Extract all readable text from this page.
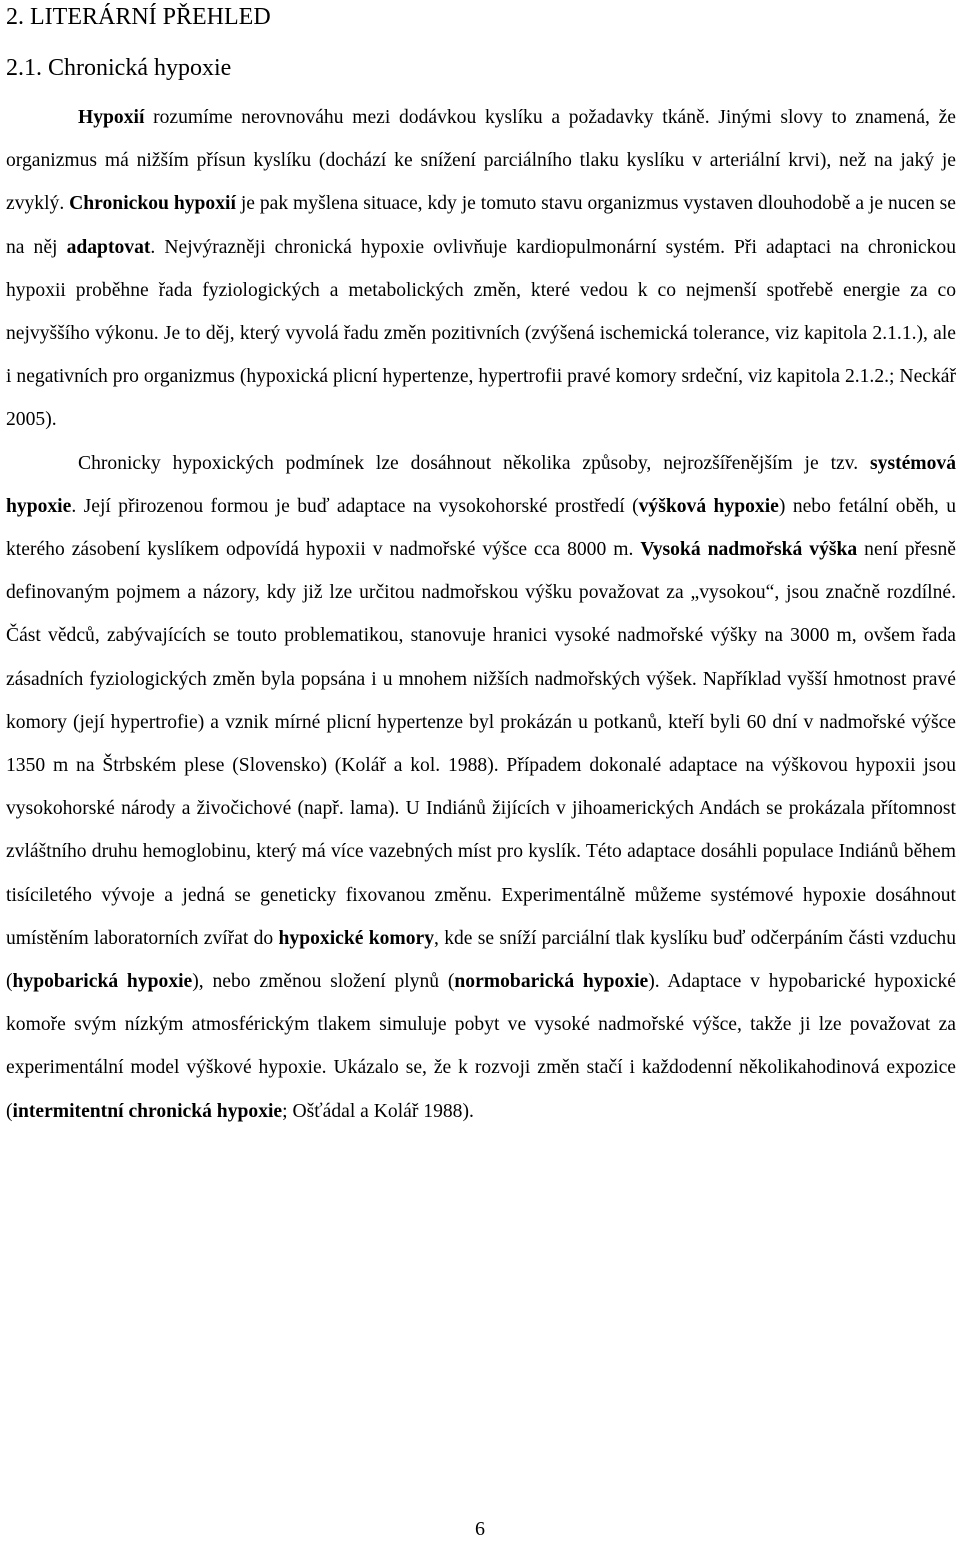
2. LITERÁRNÍ PŘEHLED
2.1. Chronická hypoxie

Hypoxií rozumíme nerovnováhu mezi dodávkou kyslíku a požadavky tkáně. Jinými slovy to znamená, že organizmus má nižším přísun kyslíku (dochází ke snížení parciálního tlaku kyslíku v arteriální krvi), než na jaký je zvyklý. Chronickou hypoxií je pak myšlena situace, kdy je tomuto stavu organizmus vystaven dlouhodobě a je nucen se na něj adaptovat. Nejvýrazněji chronická hypoxie ovlivňuje kardiopulmonární systém. Při adaptaci na chronickou hypoxii proběhne řada fyziologických a metabolických změn, které vedou k co nejmenší spotřebě energie za co nejvyššího výkonu. Je to děj, který vyvolá řadu změn pozitivních (zvýšená ischemická tolerance, viz kapitola 2.1.1.), ale i negativních pro organizmus (hypoxická plicní hypertenze, hypertrofii pravé komory srdeční, viz kapitola 2.1.2.; Neckář 2005).

Chronicky hypoxických podmínek lze dosáhnout několika způsoby, nejrozšířenějším je tzv. systémová hypoxie. Její přirozenou formou je buď adaptace na vysokohorské prostředí (výšková hypoxie) nebo fetální oběh, u kterého zásobení kyslíkem odpovídá hypoxii v nadmořské výšce cca 8000 m. Vysoká nadmořská výška není přesně definovaným pojmem a názory, kdy již lze určitou nadmořskou výšku považovat za „vysokou“, jsou značně rozdílné. Část vědců, zabývajících se touto problematikou, stanovuje hranici vysoké nadmořské výšky na 3000 m, ovšem řada zásadních fyziologických změn byla popsána i u mnohem nižších nadmořských výšek. Například vyšší hmotnost pravé komory (její hypertrofie) a vznik mírné plicní hypertenze byl prokázán u potkanů, kteří byli 60 dní v nadmořské výšce 1350 m na Štrbském plese (Slovensko) (Kolář a kol. 1988). Případem dokonalé adaptace na výškovou hypoxii jsou vysokohorské národy a živočichové (např. lama). U Indiánů žijících v jihoamerických Andách se prokázala přítomnost zvláštního druhu hemoglobinu, který má více vazebných míst pro kyslík. Této adaptace dosáhli populace Indiánů během tisíciletého vývoje a jedná se geneticky fixovanou změnu. Experimentálně můžeme systémové hypoxie dosáhnout umístěním laboratorních zvířat do hypoxické komory, kde se sníží parciální tlak kyslíku buď odčerpáním části vzduchu (hypobarická hypoxie), nebo změnou složení plynů (normobarická hypoxie). Adaptace v hypobarické hypoxické komoře svým nízkým atmosférickým tlakem simuluje pobyt ve vysoké nadmořské výšce, takže ji lze považovat za experimentální model výškové hypoxie. Ukázalo se, že k rozvoji změn stačí i každodenní několikahodinová expozice (intermitentní chronická hypoxie; Ošťádal a Kolář 1988).

6
